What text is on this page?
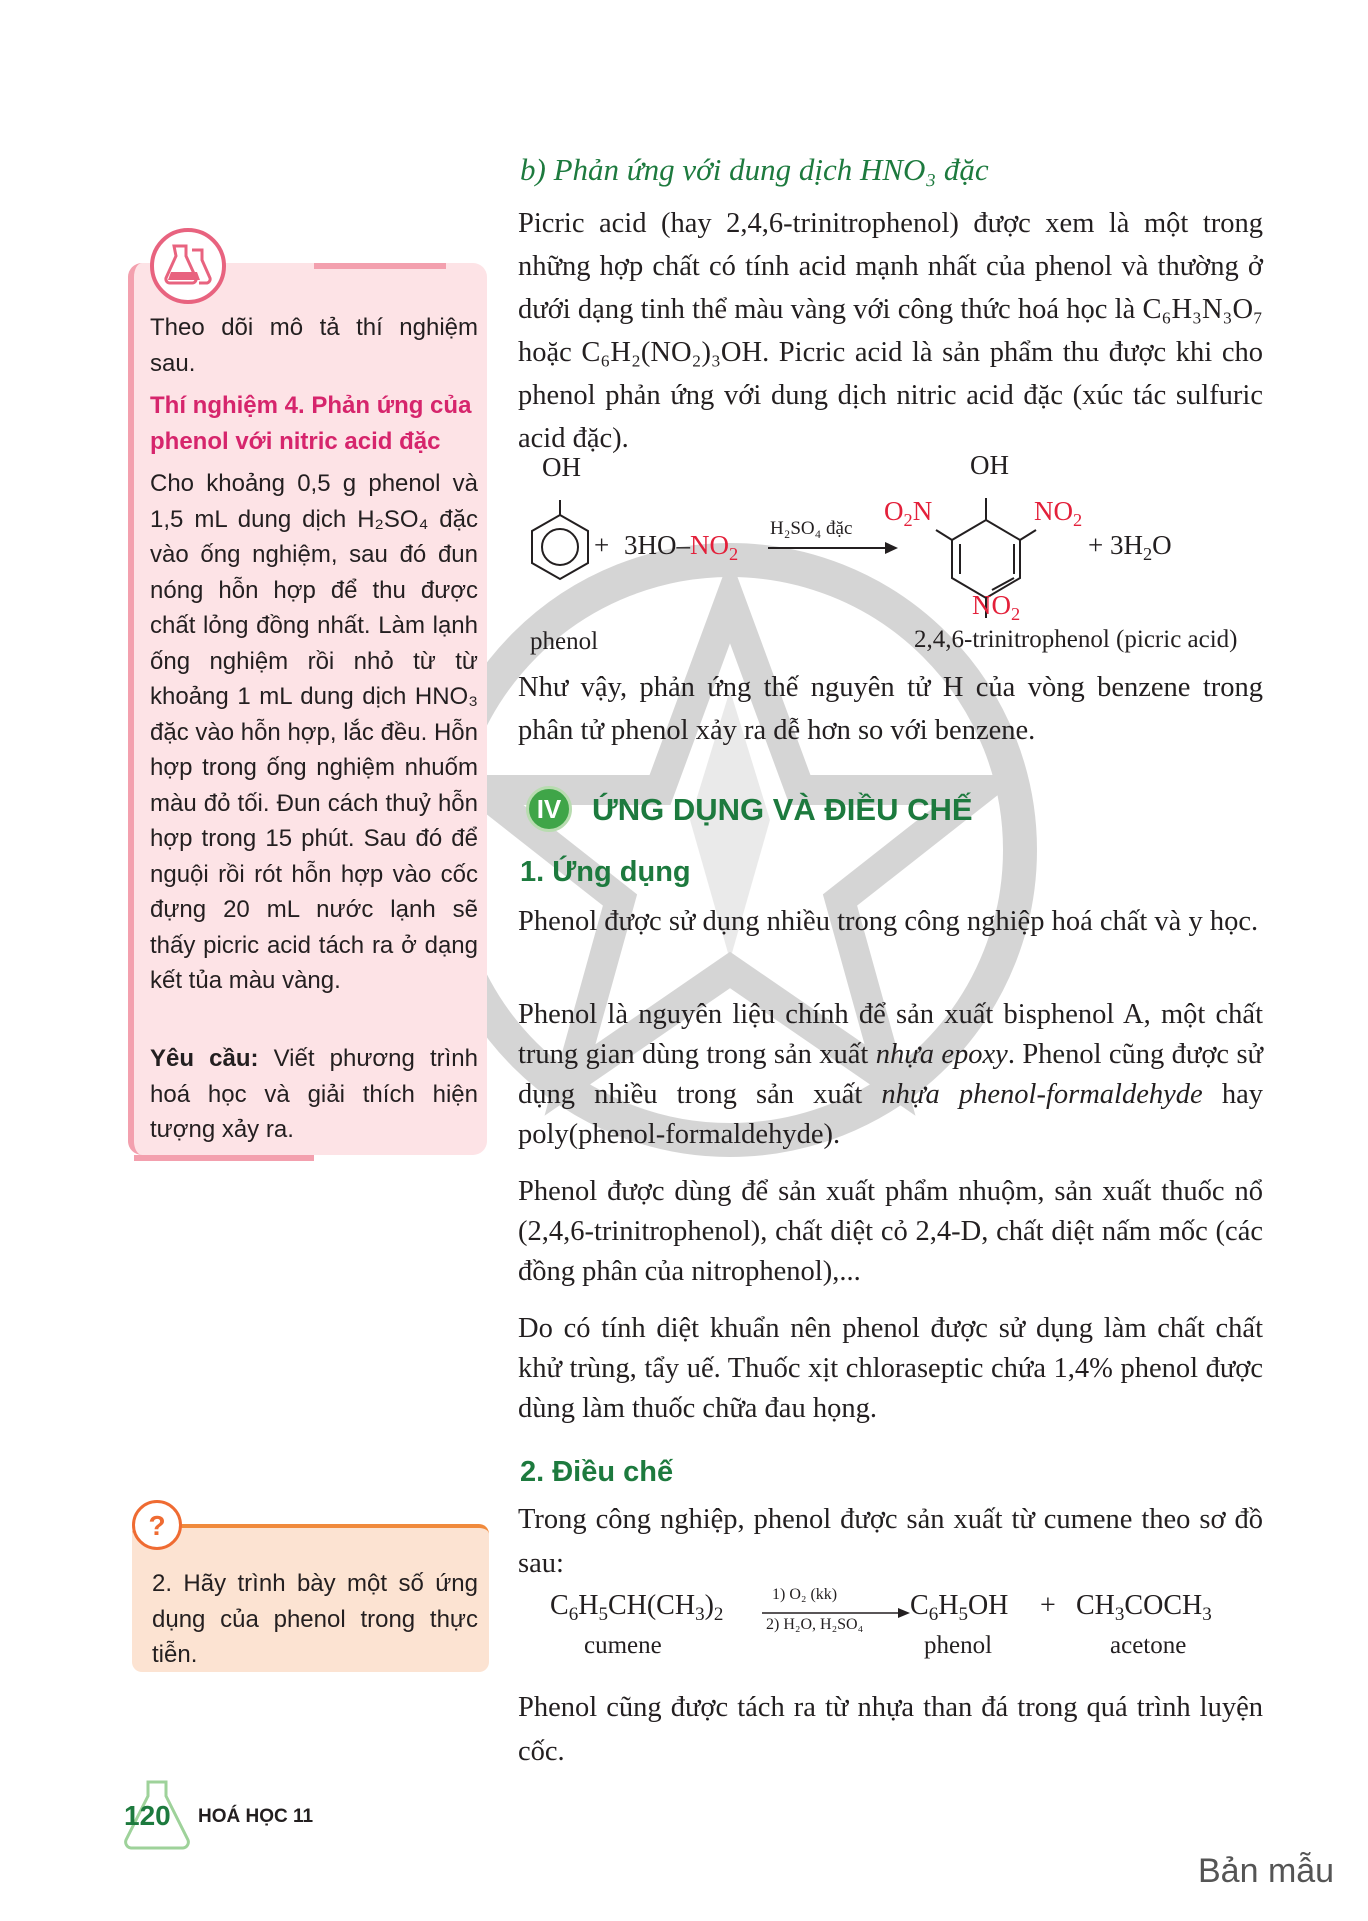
Theo dõi mô tả thí nghiệm sau.
Thí nghiệm 4. Phản ứng của phenol với nitric acid đặc
Cho khoảng 0,5 g phenol và 1,5 mL dung dịch H₂SO₄ đặc vào ống nghiệm, sau đó đun nóng hỗn hợp để thu được chất lỏng đồng nhất. Làm lạnh ống nghiệm rồi nhỏ từ từ khoảng 1 mL dung dịch HNO₃ đặc vào hỗn hợp, lắc đều. Hỗn hợp trong ống nghiệm nhuốm màu đỏ tối. Đun cách thuỷ hỗn hợp trong 15 phút. Sau đó để nguội rồi rót hỗn hợp vào cốc đựng 20 mL nước lạnh sẽ thấy picric acid tách ra ở dạng kết tủa màu vàng.
Yêu cầu: Viết phương trình hoá học và giải thích hiện tượng xảy ra.
?
2. Hãy trình bày một số ứng dụng của phenol trong thực tiễn.
b) Phản ứng với dung dịch HNO₃ đặc
Picric acid (hay 2,4,6-trinitrophenol) được xem là một trong những hợp chất có tính acid mạnh nhất của phenol và thường ở dưới dạng tinh thể màu vàng với công thức hoá học là C₆H₃N₃O₇ hoặc C₆H₂(NO₂)₃OH. Picric acid là sản phẩm thu được khi cho phenol phản ứng với dung dịch nitric acid đặc (xúc tác sulfuric acid đặc).
OH
+ $3HO-NO_2$
H₂SO₄ đặc
OH
$O_2N$	$NO_2$
$NO_2$
+ $3H_2O$
phenol	2,4,6-trinitrophenol (picric acid)
Như vậy, phản ứng thế nguyên tử H của vòng benzene trong phân tử phenol xảy ra dễ hơn so với benzene.
IV ỨNG DỤNG VÀ ĐIỀU CHẾ
1. Ứng dụng
Phenol được sử dụng nhiều trong công nghiệp hoá chất và y học.
Phenol là nguyên liệu chính để sản xuất bisphenol A, một chất trung gian dùng trong sản xuất nhựa epoxy. Phenol cũng được sử dụng nhiều trong sản xuất nhựa phenol-formaldehyde hay poly(phenol-formaldehyde).
Phenol được dùng để sản xuất phẩm nhuộm, sản xuất thuốc nổ (2,4,6-trinitrophenol), chất diệt cỏ 2,4-D, chất diệt nấm mốc (các đồng phân của nitrophenol),...
Do có tính diệt khuẩn nên phenol được sử dụng làm chất chất khử trùng, tẩy uế. Thuốc xịt chloraseptic chứa 1,4% phenol được dùng làm thuốc chữa đau họng.
2. Điều chế
Trong công nghiệp, phenol được sản xuất từ cumene theo sơ đồ sau:
$C_6H_5CH(CH_3)_2$
1) O₂ (kk)
2) H₂O, H₂SO₄
$C_6H_5OH$ + $CH_3COCH_3$
cumene	phenol	acetone
Phenol cũng được tách ra từ nhựa than đá trong quá trình luyện cốc.
120 HOÁ HỌC 11
Bản mẫu
